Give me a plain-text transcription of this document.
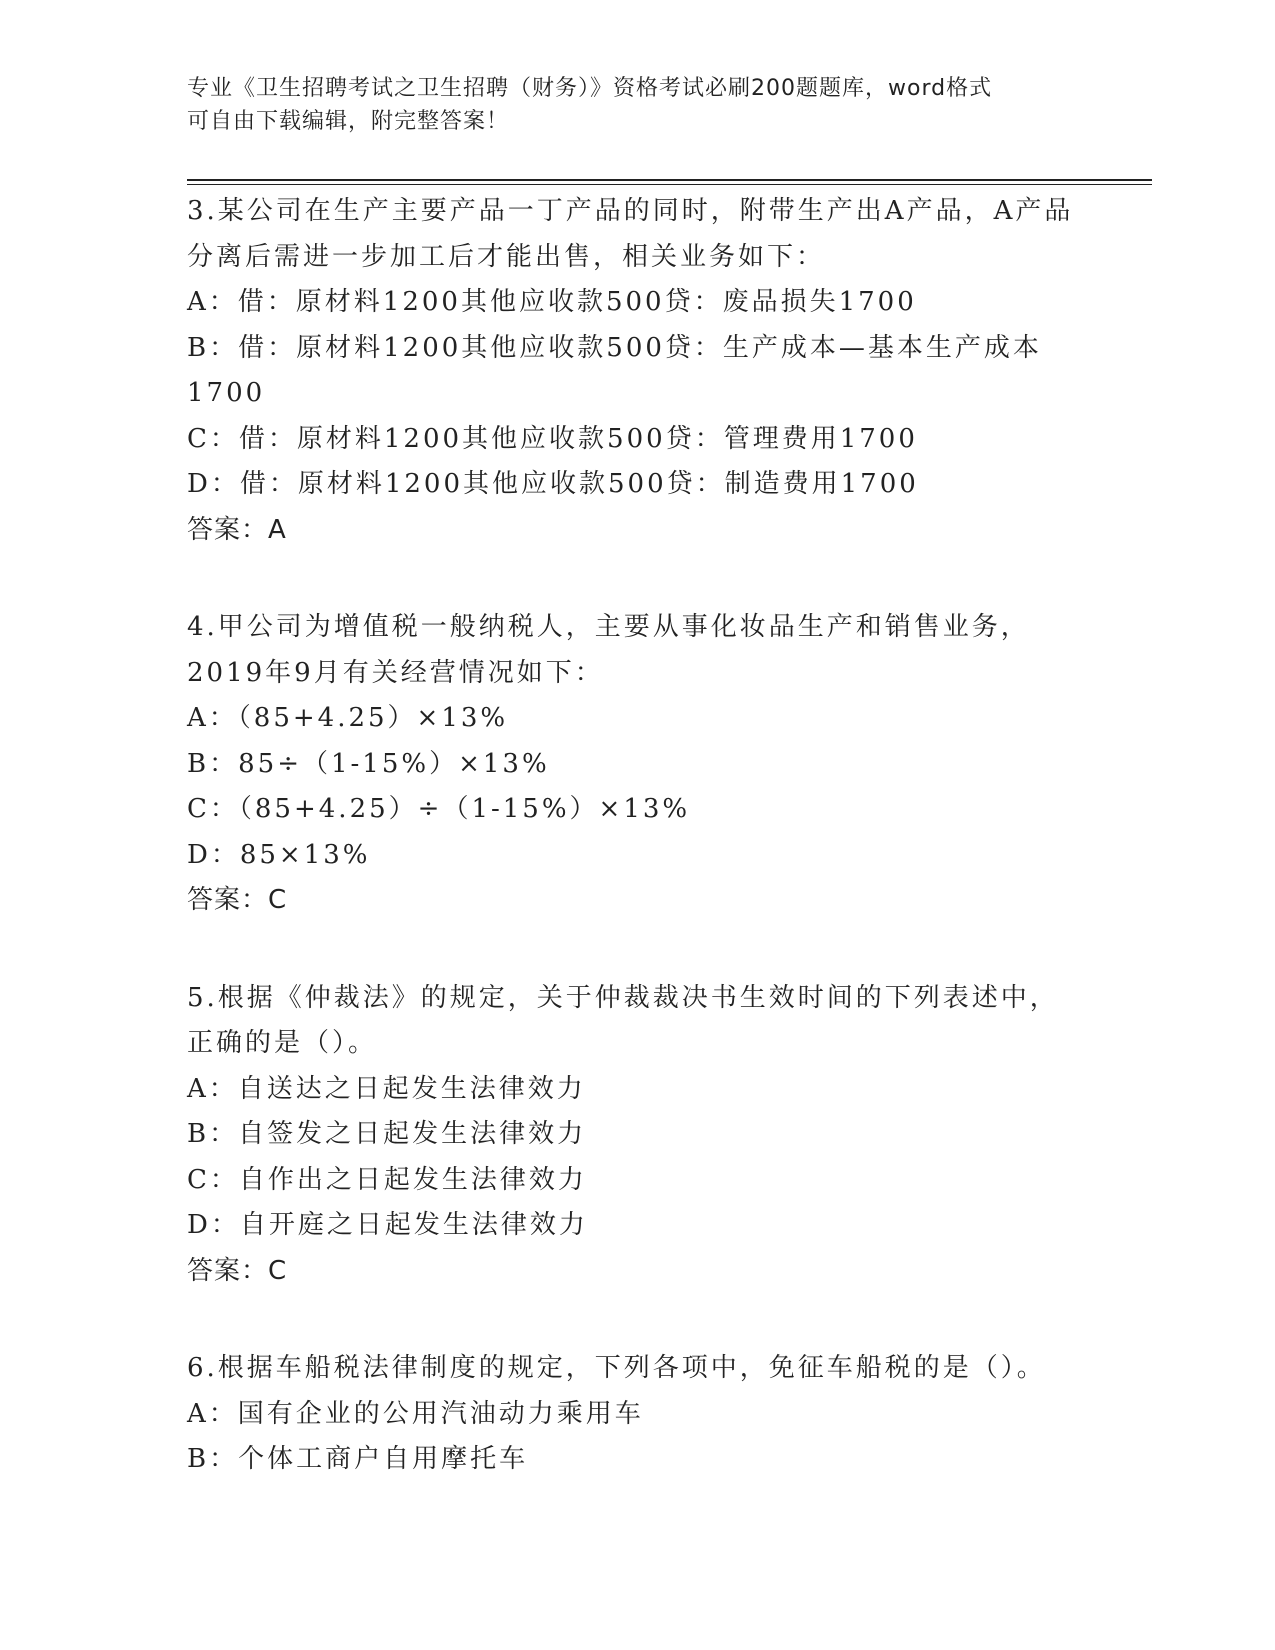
专业《卫生招聘考试之卫生招聘（财务）》资格考试必刷200题题库，word格式
可自由下载编辑，附完整答案！
3.某公司在生产主要产品一丁产品的同时，附带生产出A产品，A产品
分离后需进一步加工后才能出售，相关业务如下：
A：借：原材料1200其他应收款500贷：废品损失1700
B：借：原材料1200其他应收款500贷：生产成本—基本生产成本
1700
C：借：原材料1200其他应收款500贷：管理费用1700
D：借：原材料1200其他应收款500贷：制造费用1700
答案：A
4.甲公司为增值税一般纳税人，主要从事化妆品生产和销售业务，
2019年9月有关经营情况如下：
A：（85+4.25）×13%
B：85÷（1-15%）×13%
C：（85+4.25）÷（1-15%）×13%
D：85×13%
答案：C
5.根据《仲裁法》的规定，关于仲裁裁决书生效时间的下列表述中，
正确的是（）。
A：自送达之日起发生法律效力
B：自签发之日起发生法律效力
C：自作出之日起发生法律效力
D：自开庭之日起发生法律效力
答案：C
6.根据车船税法律制度的规定，下列各项中，免征车船税的是（）。
A：国有企业的公用汽油动力乘用车
B：个体工商户自用摩托车
